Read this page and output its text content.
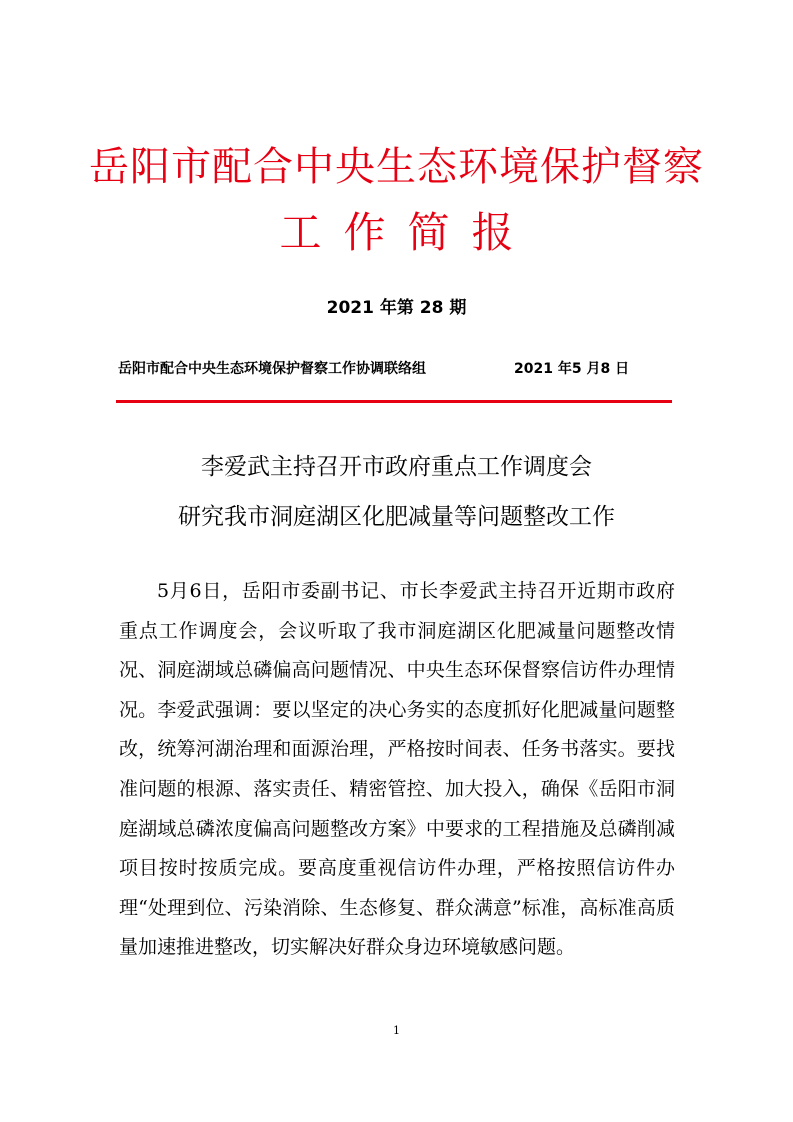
岳阳市配合中央生态环境保护督察
工作简报
2021 年第 28 期
岳阳市配合中央生态环境保护督察工作协调联络组	2021 年5 月8 日
李爱武主持召开市政府重点工作调度会
研究我市洞庭湖区化肥减量等问题整改工作

5月6日，岳阳市委副书记、市长李爱武主持召开近期市政府重点工作调度会，会议听取了我市洞庭湖区化肥减量问题整改情况、洞庭湖域总磷偏高问题情况、中央生态环保督察信访件办理情况。李爱武强调：要以坚定的决心务实的态度抓好化肥减量问题整改，统筹河湖治理和面源治理，严格按时间表、任务书落实。要找准问题的根源、落实责任、精密管控、加大投入，确保《岳阳市洞庭湖域总磷浓度偏高问题整改方案》中要求的工程措施及总磷削减项目按时按质完成。要高度重视信访件办理，严格按照信访件办理“处理到位、污染消除、生态修复、群众满意”标准，高标准高质量加速推进整改，切实解决好群众身边环境敏感问题。

1
